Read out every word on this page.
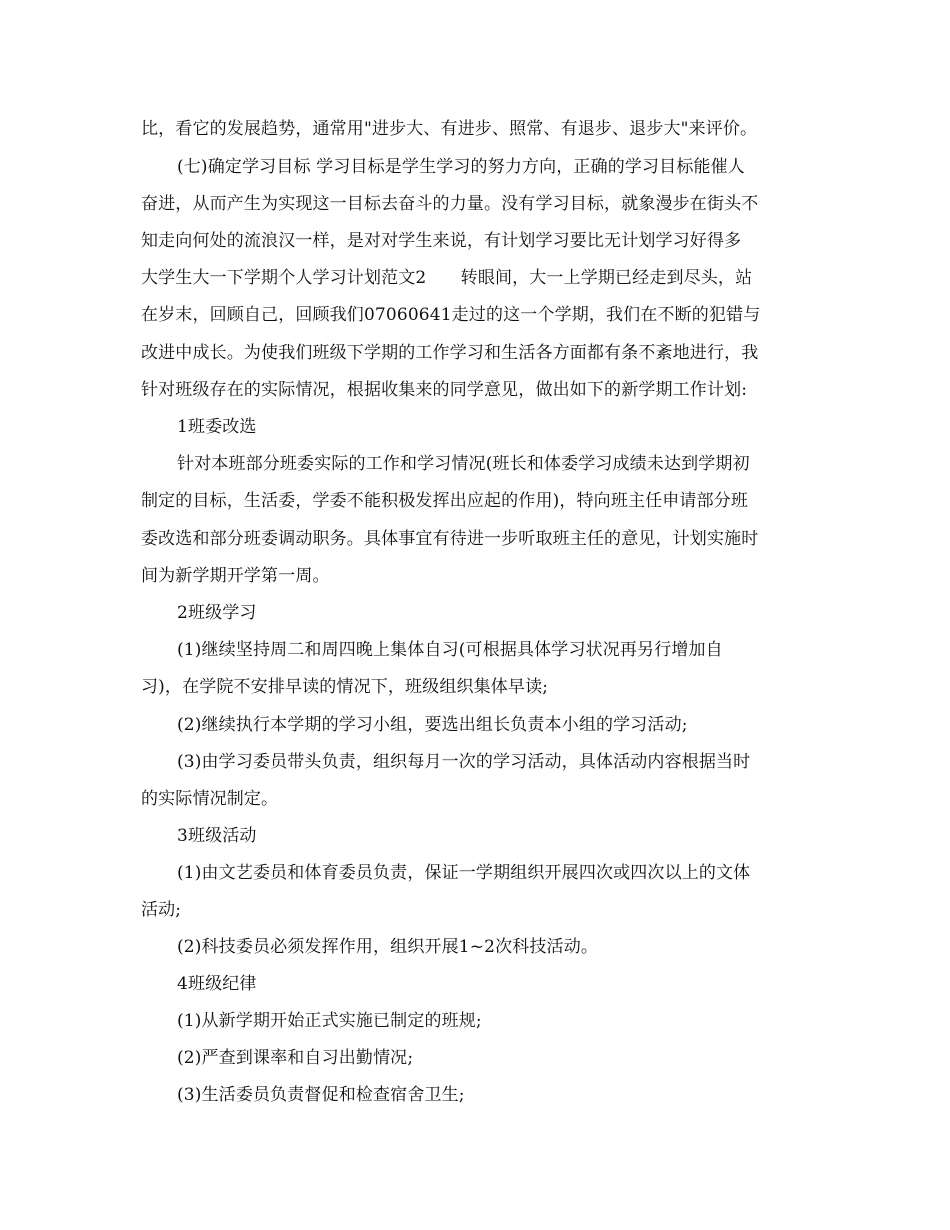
比，看它的发展趋势，通常用"进步大、有进步、照常、有退步、退步大"来评价。
(七)确定学习目标 学习目标是学生学习的努力方向，正确的学习目标能催人
奋进，从而产生为实现这一目标去奋斗的力量。没有学习目标，就象漫步在街头不
知走向何处的流浪汉一样，是对对学生来说，有计划学习要比无计划学习好得多
大学生大一下学期个人学习计划范文2　　转眼间，大一上学期已经走到尽头，站
在岁末，回顾自己，回顾我们07060641走过的这一个学期，我们在不断的犯错与
改进中成长。为使我们班级下学期的工作学习和生活各方面都有条不紊地进行，我
针对班级存在的实际情况，根据收集来的同学意见，做出如下的新学期工作计划:
1班委改选
针对本班部分班委实际的工作和学习情况(班长和体委学习成绩未达到学期初
制定的目标，生活委，学委不能积极发挥出应起的作用)，特向班主任申请部分班
委改选和部分班委调动职务。具体事宜有待进一步听取班主任的意见，计划实施时
间为新学期开学第一周。
2班级学习
(1)继续坚持周二和周四晚上集体自习(可根据具体学习状况再另行增加自
习)，在学院不安排早读的情况下，班级组织集体早读;
(2)继续执行本学期的学习小组，要选出组长负责本小组的学习活动;
(3)由学习委员带头负责，组织每月一次的学习活动，具体活动内容根据当时
的实际情况制定。
3班级活动
(1)由文艺委员和体育委员负责，保证一学期组织开展四次或四次以上的文体
活动;
(2)科技委员必须发挥作用，组织开展1~2次科技活动。
4班级纪律
(1)从新学期开始正式实施已制定的班规;
(2)严查到课率和自习出勤情况;
(3)生活委员负责督促和检查宿舍卫生;
